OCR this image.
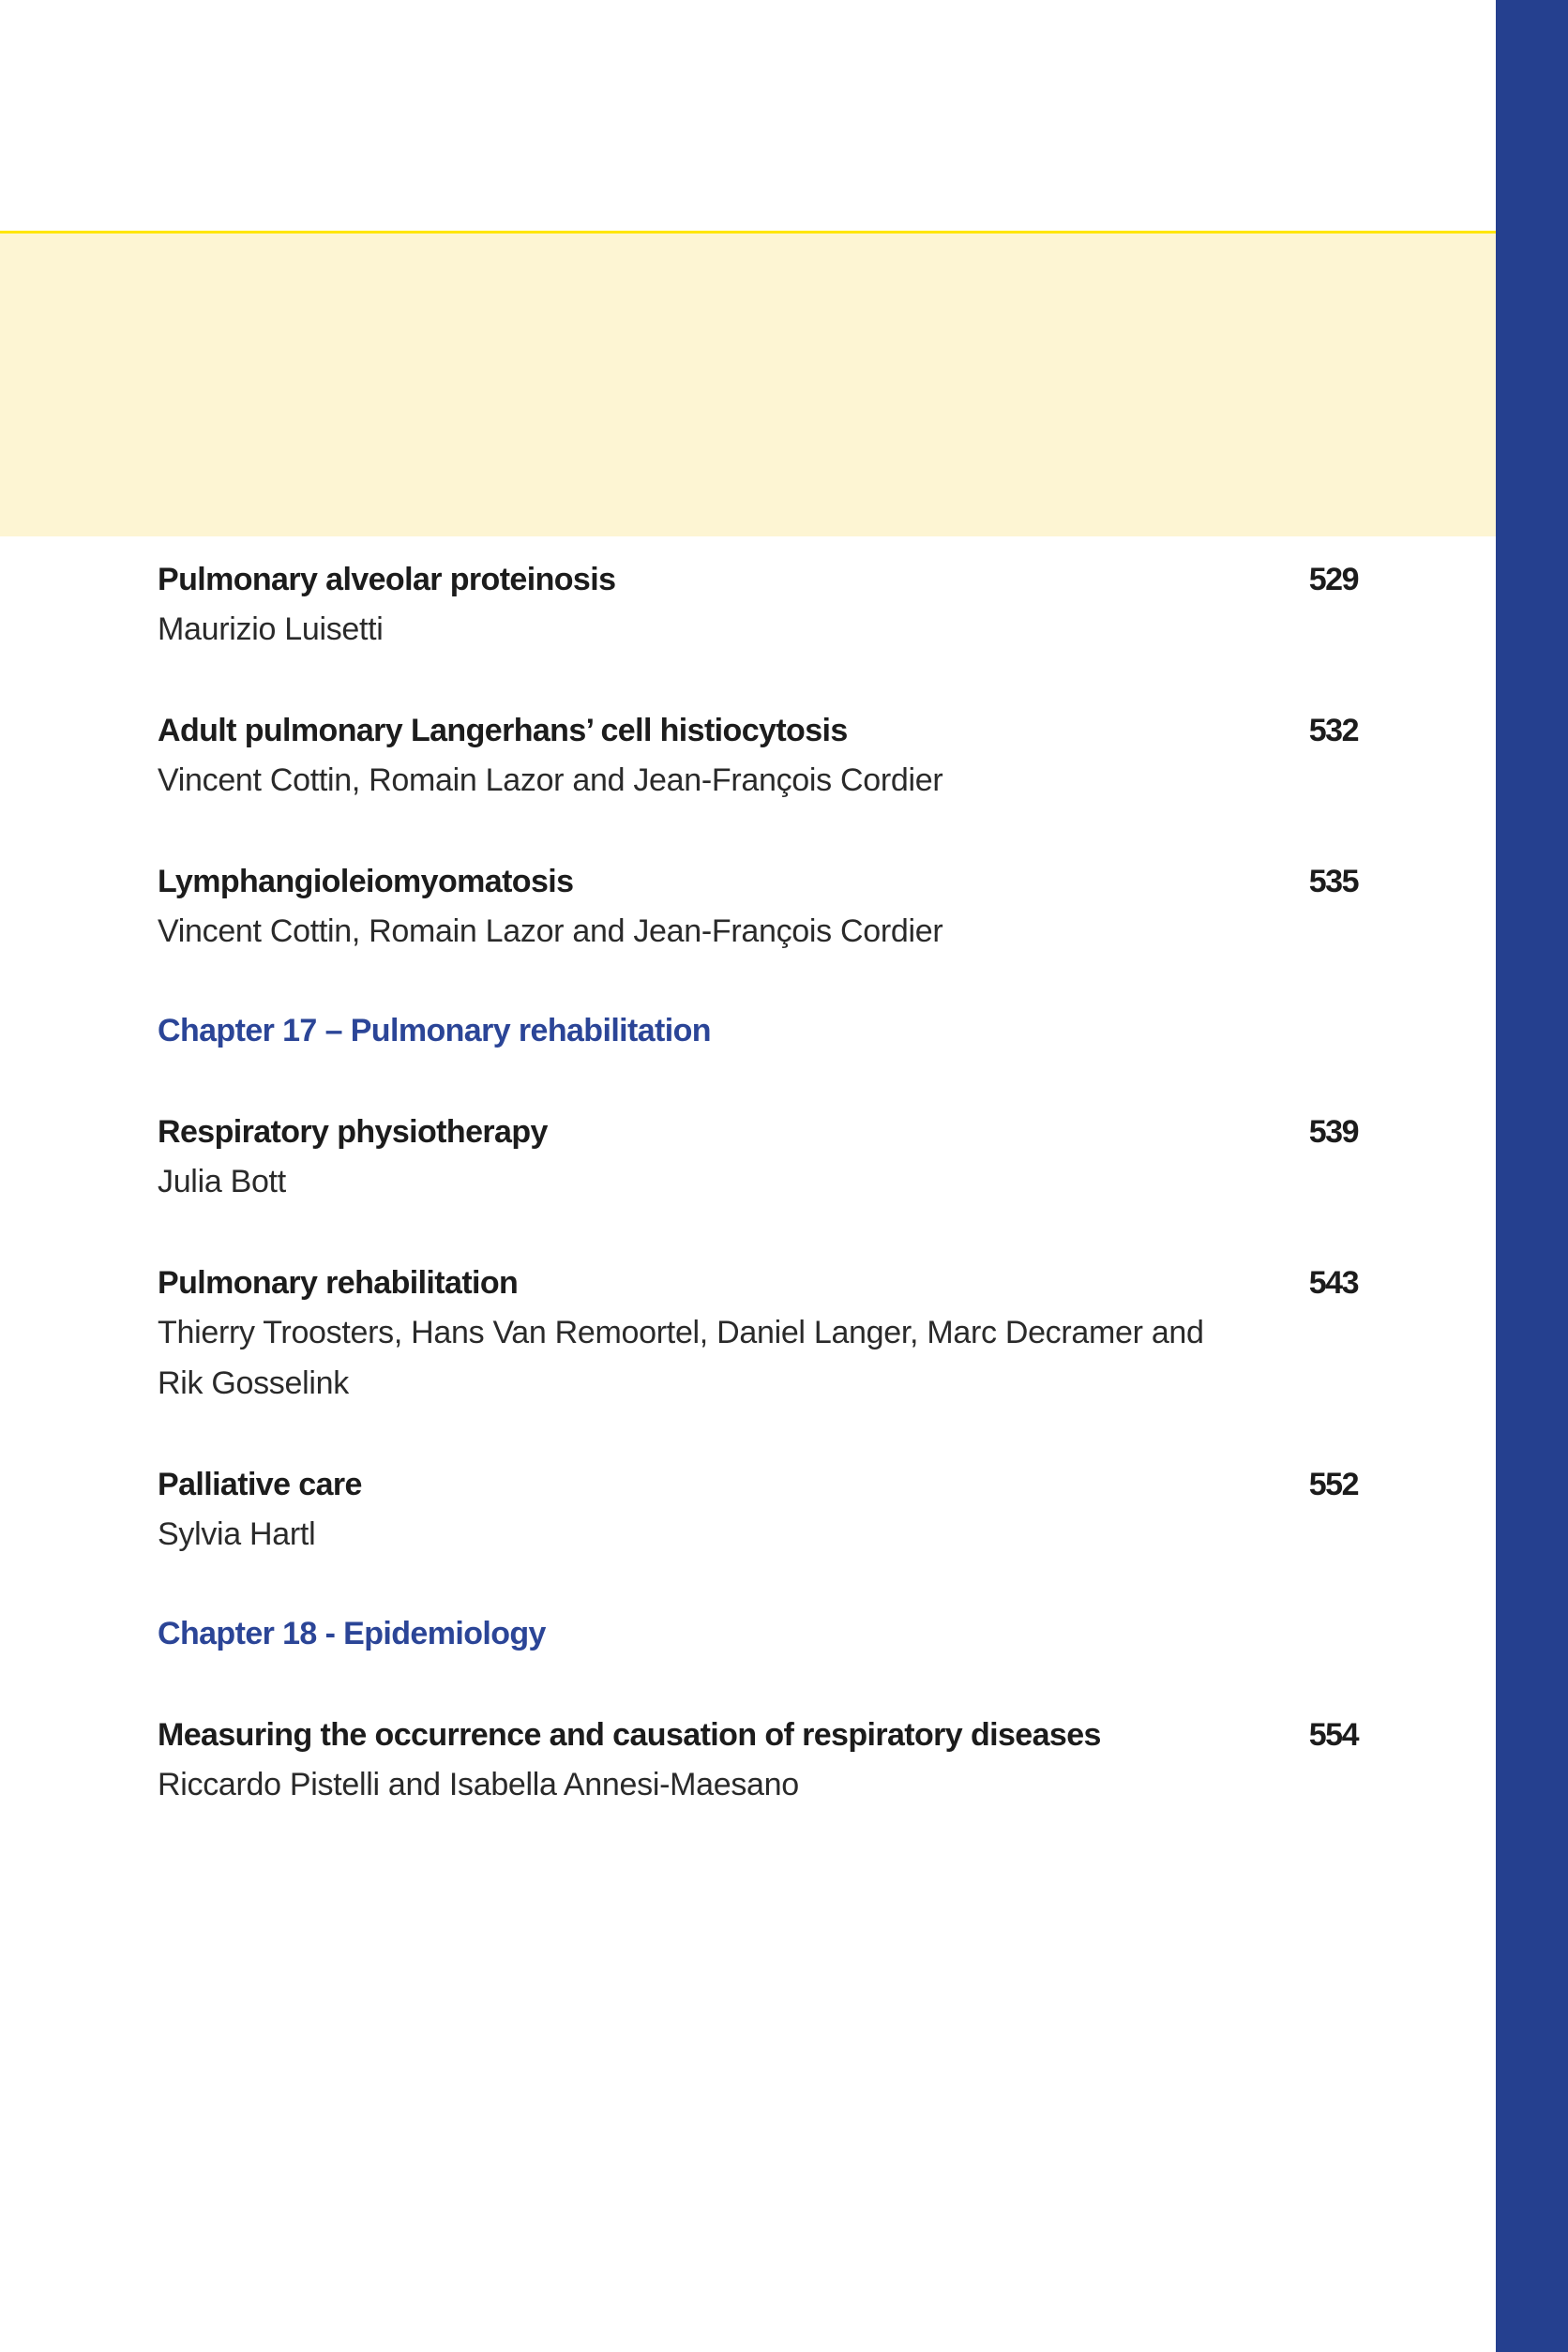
Pulmonary alveolar proteinosis	529
Maurizio Luisetti
Adult pulmonary Langerhans’ cell histiocytosis	532
Vincent Cottin, Romain Lazor and Jean-François Cordier
Lymphangioleiomyomatosis	535
Vincent Cottin, Romain Lazor and Jean-François Cordier
Chapter 17 – Pulmonary rehabilitation
Respiratory physiotherapy	539
Julia Bott
Pulmonary rehabilitation	543
Thierry Troosters, Hans Van Remoortel, Daniel Langer, Marc Decramer and Rik Gosselink
Palliative care	552
Sylvia Hartl
Chapter 18 - Epidemiology
Measuring the occurrence and causation of respiratory diseases	554
Riccardo Pistelli and Isabella Annesi-Maesano
